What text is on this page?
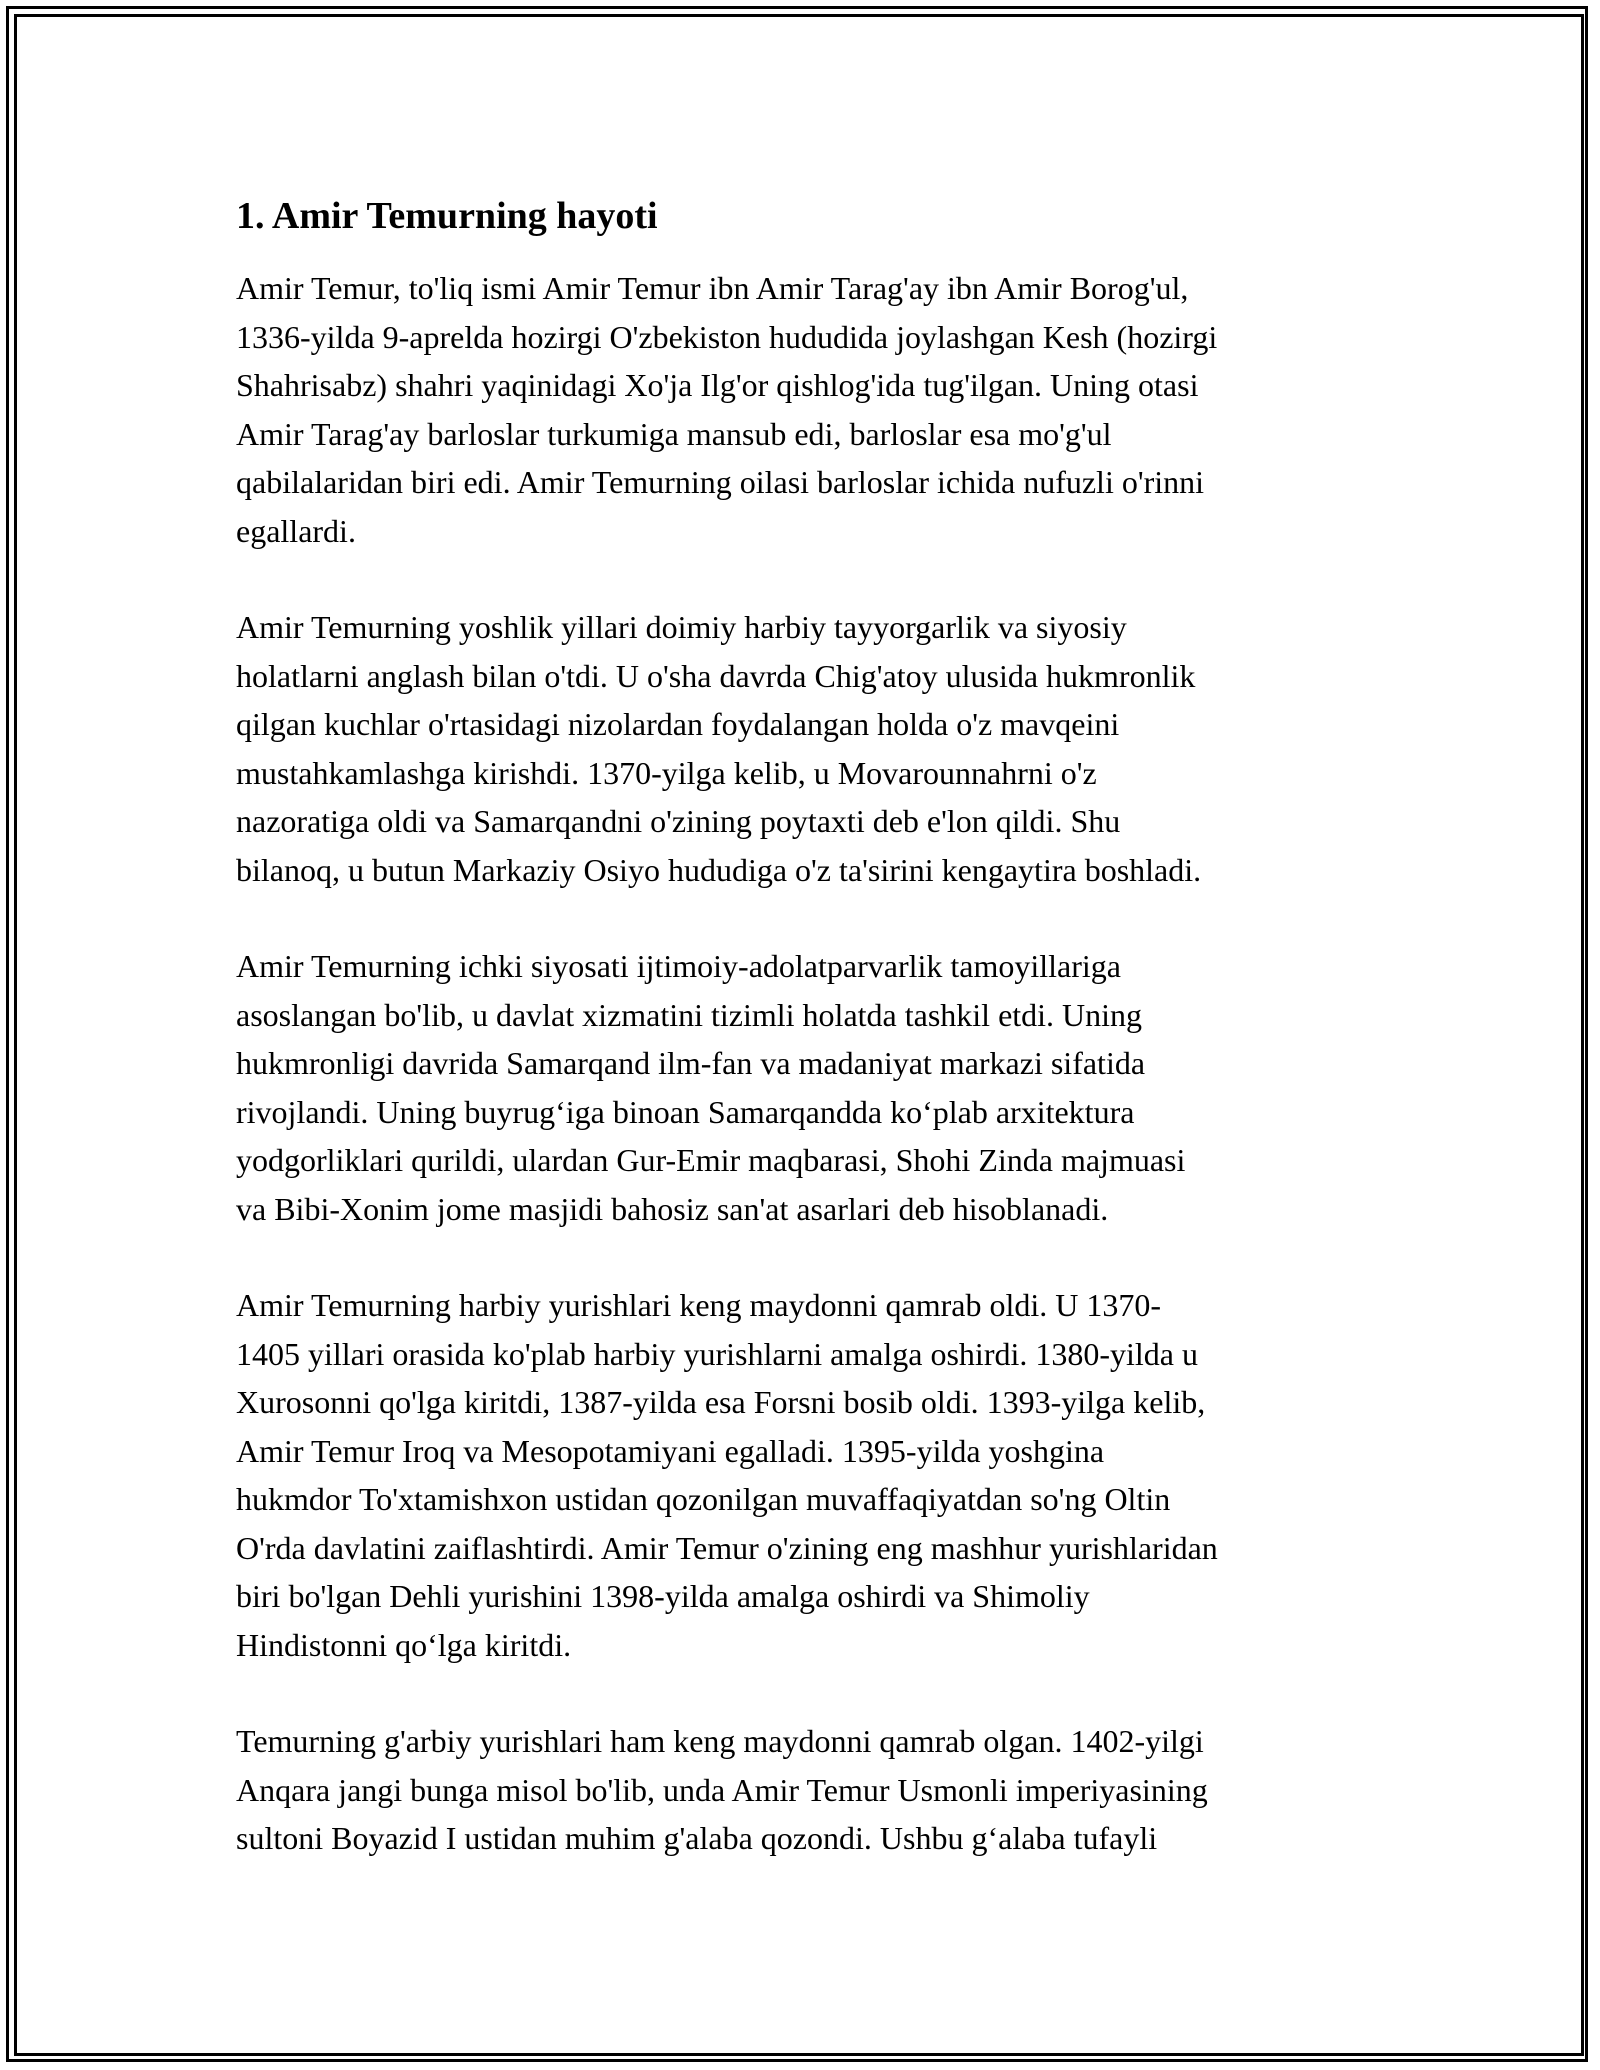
1. Amir Temurning hayoti

Amir Temur, to'liq ismi Amir Temur ibn Amir Tarag'ay ibn Amir Borog'ul,
1336-yilda 9-aprelda hozirgi O'zbekiston hududida joylashgan Kesh (hozirgi
Shahrisabz) shahri yaqinidagi Xo'ja Ilg'or qishlog'ida tug'ilgan. Uning otasi
Amir Tarag'ay barloslar turkumiga mansub edi, barloslar esa mo'g'ul
qabilalaridan biri edi. Amir Temurning oilasi barloslar ichida nufuzli o'rinni
egallardi.

Amir Temurning yoshlik yillari doimiy harbiy tayyorgarlik va siyosiy
holatlarni anglash bilan o'tdi. U o'sha davrda Chig'atoy ulusida hukmronlik
qilgan kuchlar o'rtasidagi nizolardan foydalangan holda o'z mavqeini
mustahkamlashga kirishdi. 1370-yilga kelib, u Movarounnahrni o'z
nazoratiga oldi va Samarqandni o'zining poytaxti deb e'lon qildi. Shu
bilanoq, u butun Markaziy Osiyo hududiga o'z ta'sirini kengaytira boshladi.

Amir Temurning ichki siyosati ijtimoiy-adolatparvarlik tamoyillariga
asoslangan bo'lib, u davlat xizmatini tizimli holatda tashkil etdi. Uning
hukmronligi davrida Samarqand ilm-fan va madaniyat markazi sifatida
rivojlandi. Uning buyrug‘iga binoan Samarqandda ko‘plab arxitektura
yodgorliklari qurildi, ulardan Gur-Emir maqbarasi, Shohi Zinda majmuasi
va Bibi-Xonim jome masjidi bahosiz san'at asarlari deb hisoblanadi.

Amir Temurning harbiy yurishlari keng maydonni qamrab oldi. U 1370-
1405 yillari orasida ko'plab harbiy yurishlarni amalga oshirdi. 1380-yilda u
Xurosonni qo'lga kiritdi, 1387-yilda esa Forsni bosib oldi. 1393-yilga kelib,
Amir Temur Iroq va Mesopotamiyani egalladi. 1395-yilda yoshgina
hukmdor To'xtamishxon ustidan qozonilgan muvaffaqiyatdan so'ng Oltin
O'rda davlatini zaiflashtirdi. Amir Temur o'zining eng mashhur yurishlaridan
biri bo'lgan Dehli yurishini 1398-yilda amalga oshirdi va Shimoliy
Hindistonni qo‘lga kiritdi.

Temurning g'arbiy yurishlari ham keng maydonni qamrab olgan. 1402-yilgi
Anqara jangi bunga misol bo'lib, unda Amir Temur Usmonli imperiyasining
sultoni Boyazid I ustidan muhim g'alaba qozondi. Ushbu g‘alaba tufayli
